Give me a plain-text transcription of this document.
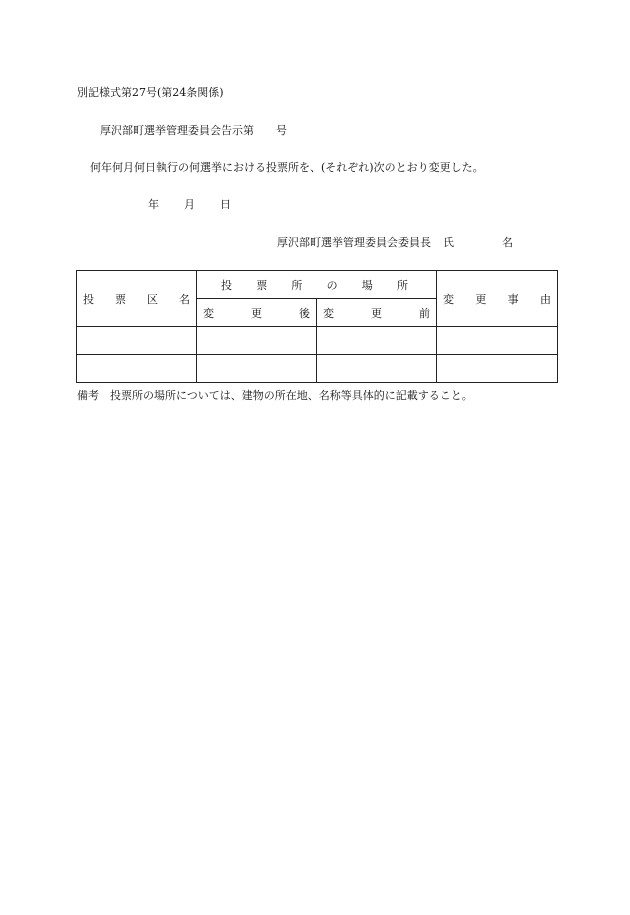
別記様式第27号(第24条関係)
厚沢部町選挙管理委員会告示第 号
何年何月何日執行の何選挙における投票所を、(それぞれ)次のとおり変更した。
年 月 日
厚沢部町選挙管理委員会委員長 氏	名
投票区名	投票所の場所		変更事由
	変更後	変更前	

備考 投票所の場所については、建物の所在地、名称等具体的に記載すること。
